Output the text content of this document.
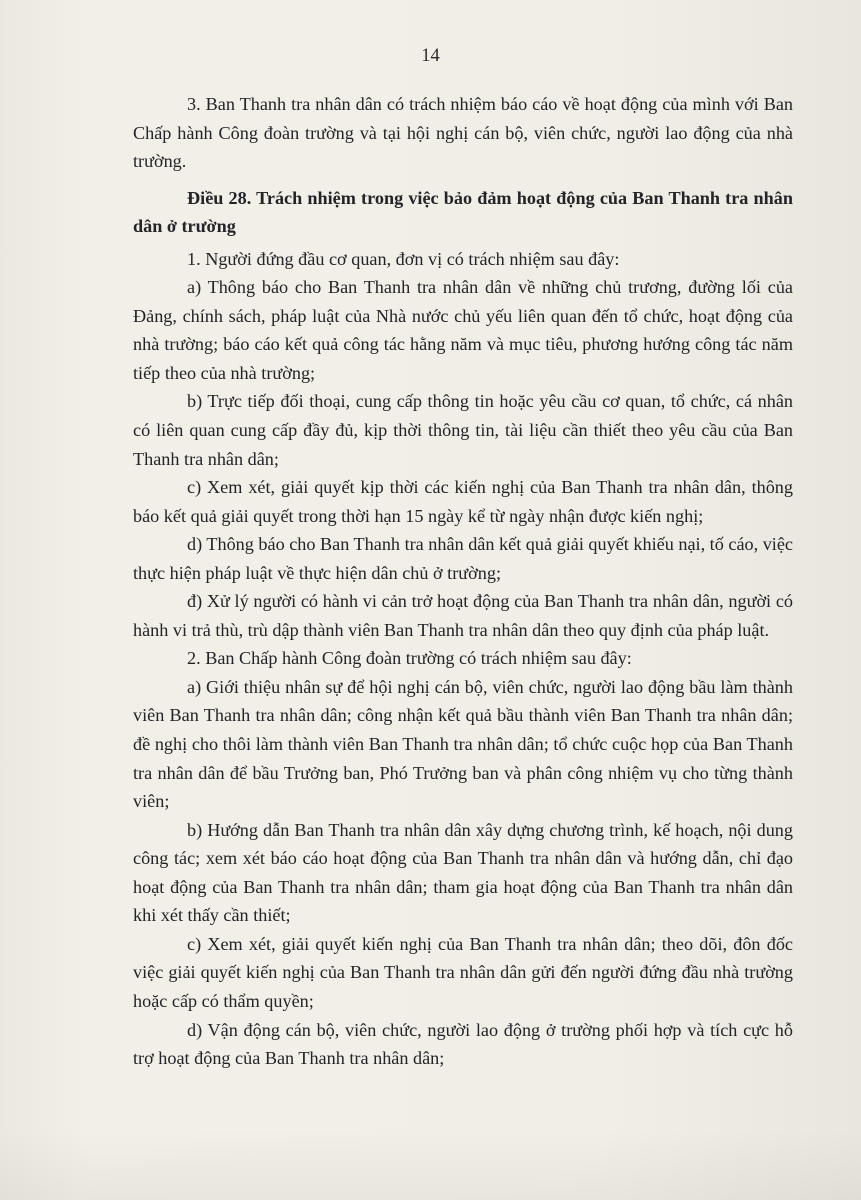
14

3. Ban Thanh tra nhân dân có trách nhiệm báo cáo về hoạt động của mình với Ban Chấp hành Công đoàn trường và tại hội nghị cán bộ, viên chức, người lao động của nhà trường.

Điều 28. Trách nhiệm trong việc bảo đảm hoạt động của Ban Thanh tra nhân dân ở trường

1. Người đứng đầu cơ quan, đơn vị có trách nhiệm sau đây:

a) Thông báo cho Ban Thanh tra nhân dân về những chủ trương, đường lối của Đảng, chính sách, pháp luật của Nhà nước chủ yếu liên quan đến tổ chức, hoạt động của nhà trường; báo cáo kết quả công tác hằng năm và mục tiêu, phương hướng công tác năm tiếp theo của nhà trường;

b) Trực tiếp đối thoại, cung cấp thông tin hoặc yêu cầu cơ quan, tổ chức, cá nhân có liên quan cung cấp đầy đủ, kịp thời thông tin, tài liệu cần thiết theo yêu cầu của Ban Thanh tra nhân dân;

c) Xem xét, giải quyết kịp thời các kiến nghị của Ban Thanh tra nhân dân, thông báo kết quả giải quyết trong thời hạn 15 ngày kể từ ngày nhận được kiến nghị;

d) Thông báo cho Ban Thanh tra nhân dân kết quả giải quyết khiếu nại, tố cáo, việc thực hiện pháp luật về thực hiện dân chủ ở trường;

đ) Xử lý người có hành vi cản trở hoạt động của Ban Thanh tra nhân dân, người có hành vi trả thù, trù dập thành viên Ban Thanh tra nhân dân theo quy định của pháp luật.

2. Ban Chấp hành Công đoàn trường có trách nhiệm sau đây:

a) Giới thiệu nhân sự để hội nghị cán bộ, viên chức, người lao động bầu làm thành viên Ban Thanh tra nhân dân; công nhận kết quả bầu thành viên Ban Thanh tra nhân dân; đề nghị cho thôi làm thành viên Ban Thanh tra nhân dân; tổ chức cuộc họp của Ban Thanh tra nhân dân để bầu Trưởng ban, Phó Trưởng ban và phân công nhiệm vụ cho từng thành viên;

b) Hướng dẫn Ban Thanh tra nhân dân xây dựng chương trình, kế hoạch, nội dung công tác; xem xét báo cáo hoạt động của Ban Thanh tra nhân dân và hướng dẫn, chỉ đạo hoạt động của Ban Thanh tra nhân dân; tham gia hoạt động của Ban Thanh tra nhân dân khi xét thấy cần thiết;

c) Xem xét, giải quyết kiến nghị của Ban Thanh tra nhân dân; theo dõi, đôn đốc việc giải quyết kiến nghị của Ban Thanh tra nhân dân gửi đến người đứng đầu nhà trường hoặc cấp có thẩm quyền;

d) Vận động cán bộ, viên chức, người lao động ở trường phối hợp và tích cực hỗ trợ hoạt động của Ban Thanh tra nhân dân;
